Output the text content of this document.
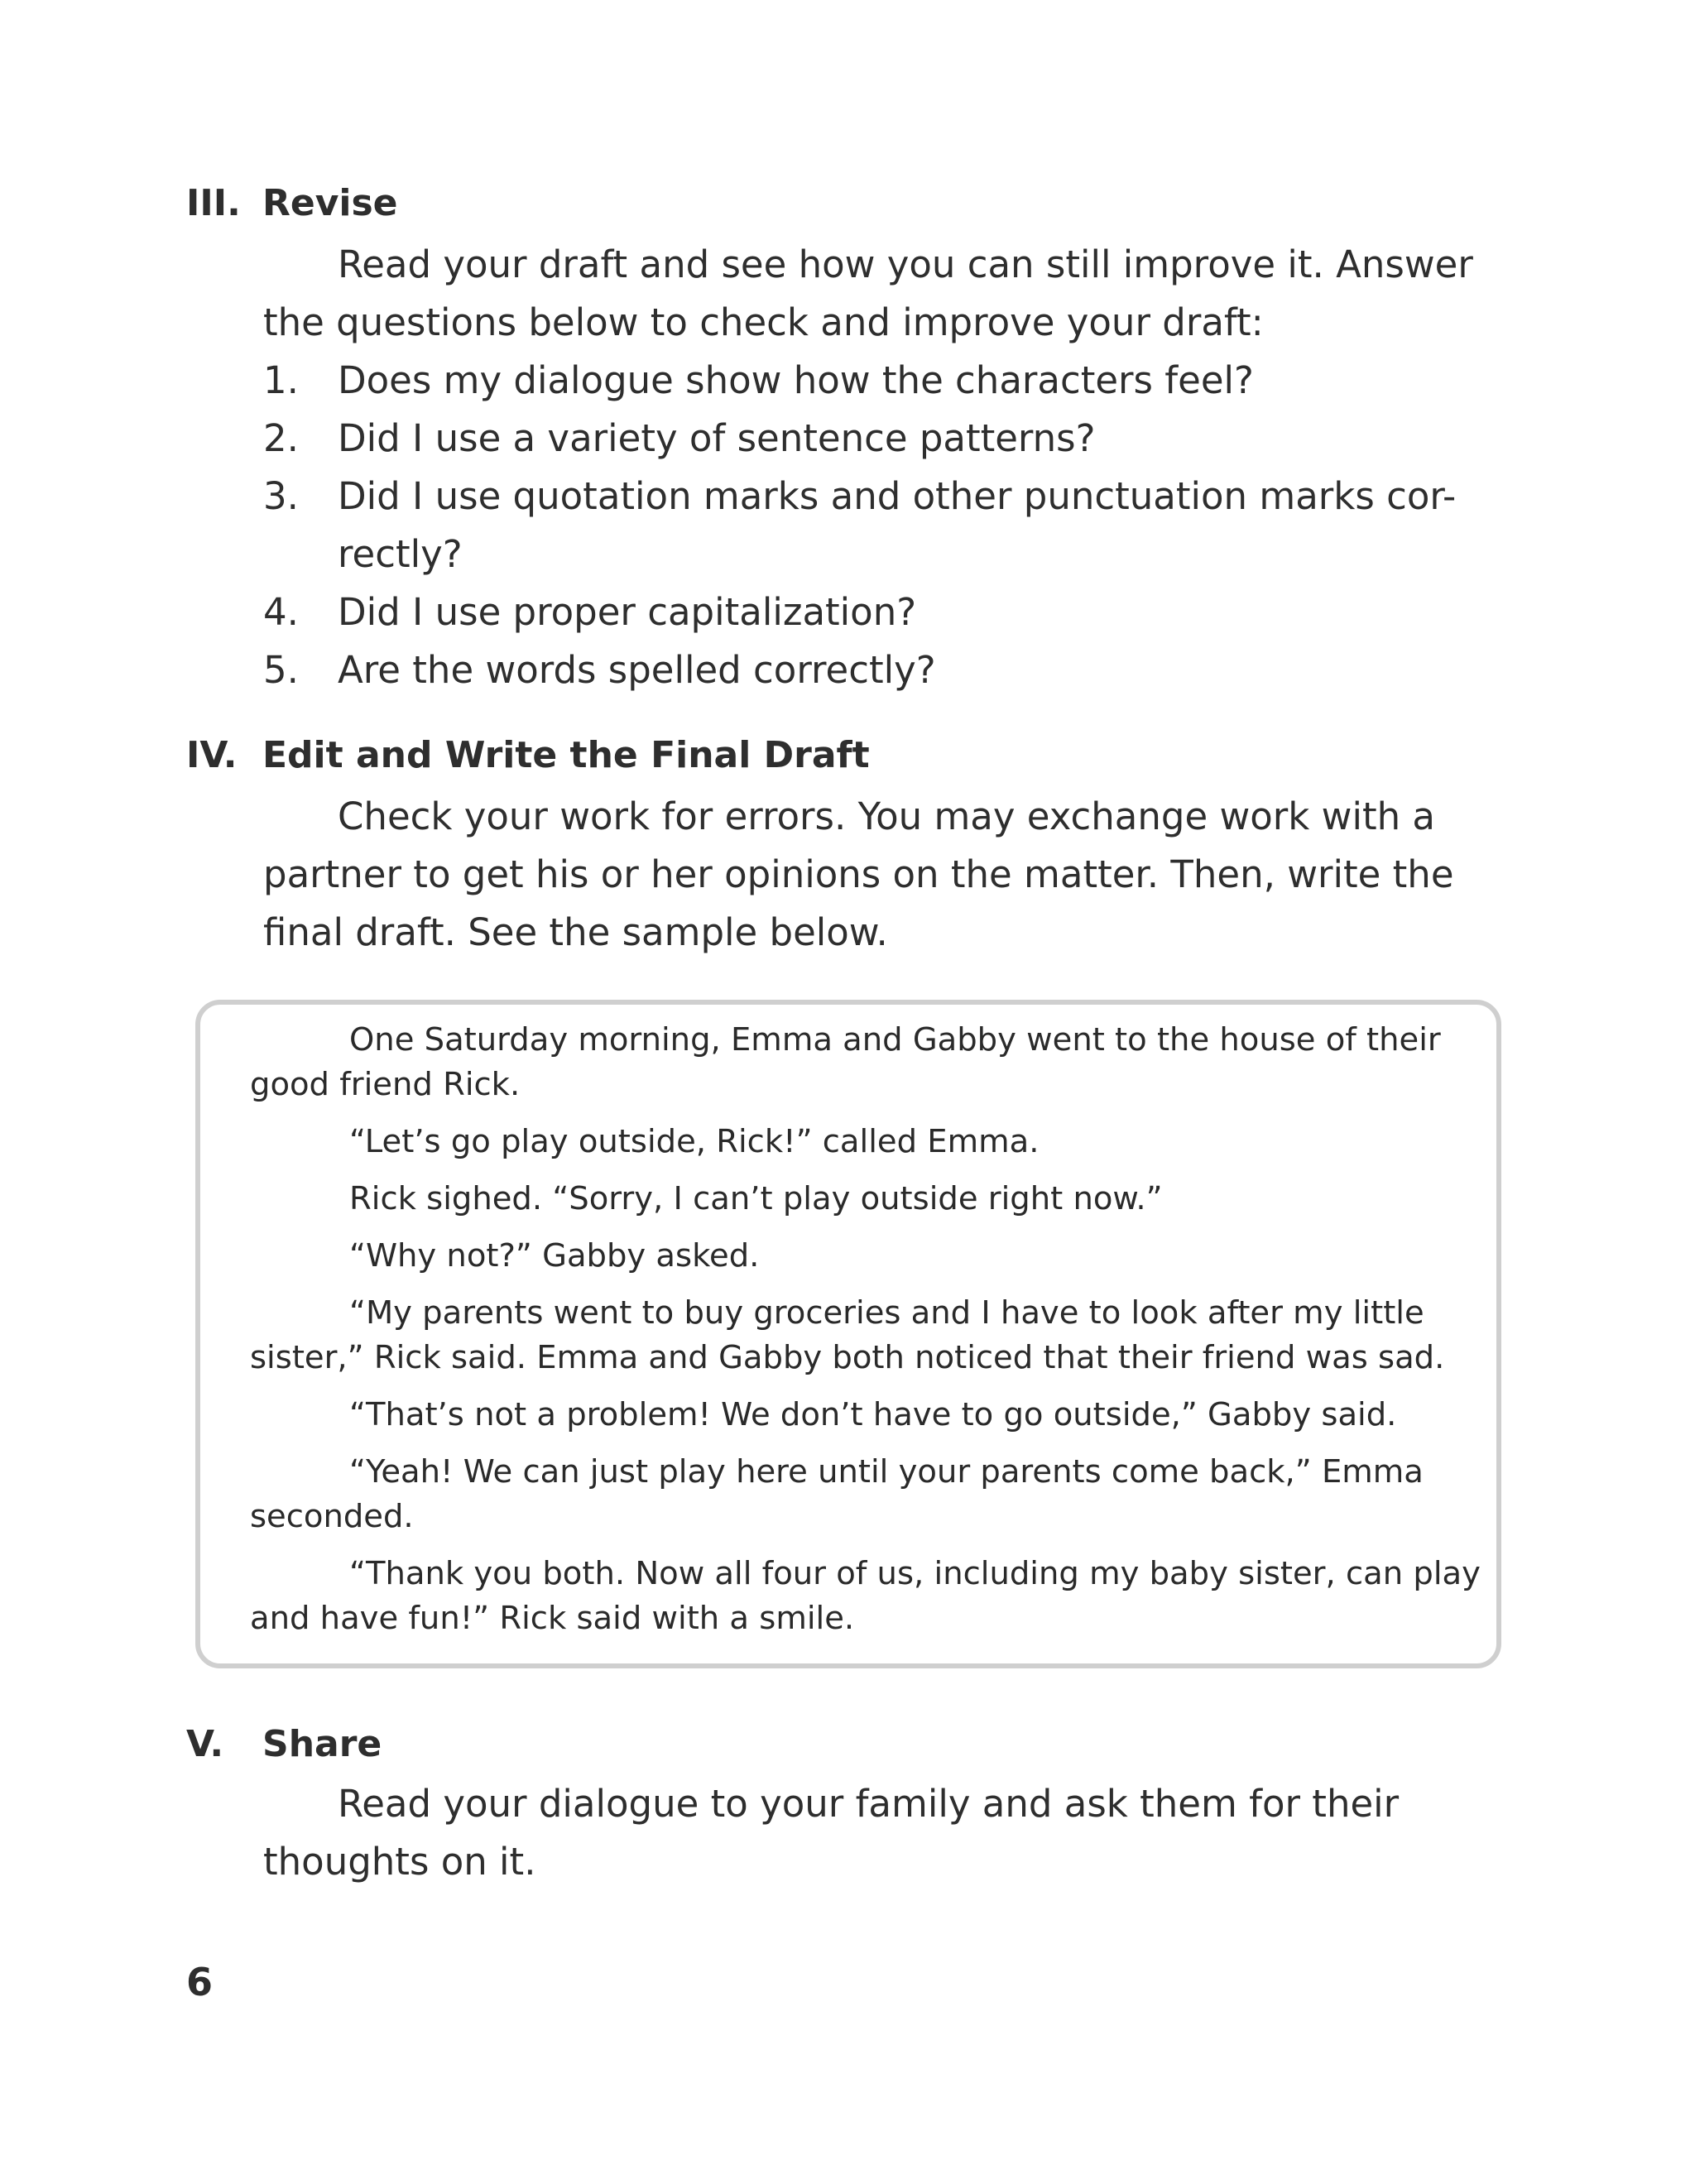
III. Revise
Read your draft and see how you can still improve it. Answer the questions below to check and improve your draft:
1.	Does my dialogue show how the characters feel?
2.	Did I use a variety of sentence patterns?
3.	Did I use quotation marks and other punctuation marks cor-rectly?
4.	Did I use proper capitalization?
5.	Are the words spelled correctly?
IV. Edit and Write the Final Draft
Check your work for errors. You may exchange work with a partner to get his or her opinions on the matter. Then, write the final draft. See the sample below.

One Saturday morning, Emma and Gabby went to the house of their good friend Rick.

“Let’s go play outside, Rick!” called Emma.

Rick sighed. “Sorry, I can’t play outside right now.”

“Why not?” Gabby asked.

“My parents went to buy groceries and I have to look after my little sister,” Rick said. Emma and Gabby both noticed that their friend was sad.

“That’s not a problem! We don’t have to go outside,” Gabby said.

“Yeah! We can just play here until your parents come back,” Emma seconded.

“Thank you both. Now all four of us, including my baby sister, can play and have fun!” Rick said with a smile.

V. Share
Read your dialogue to your family and ask them for their thoughts on it.
6
